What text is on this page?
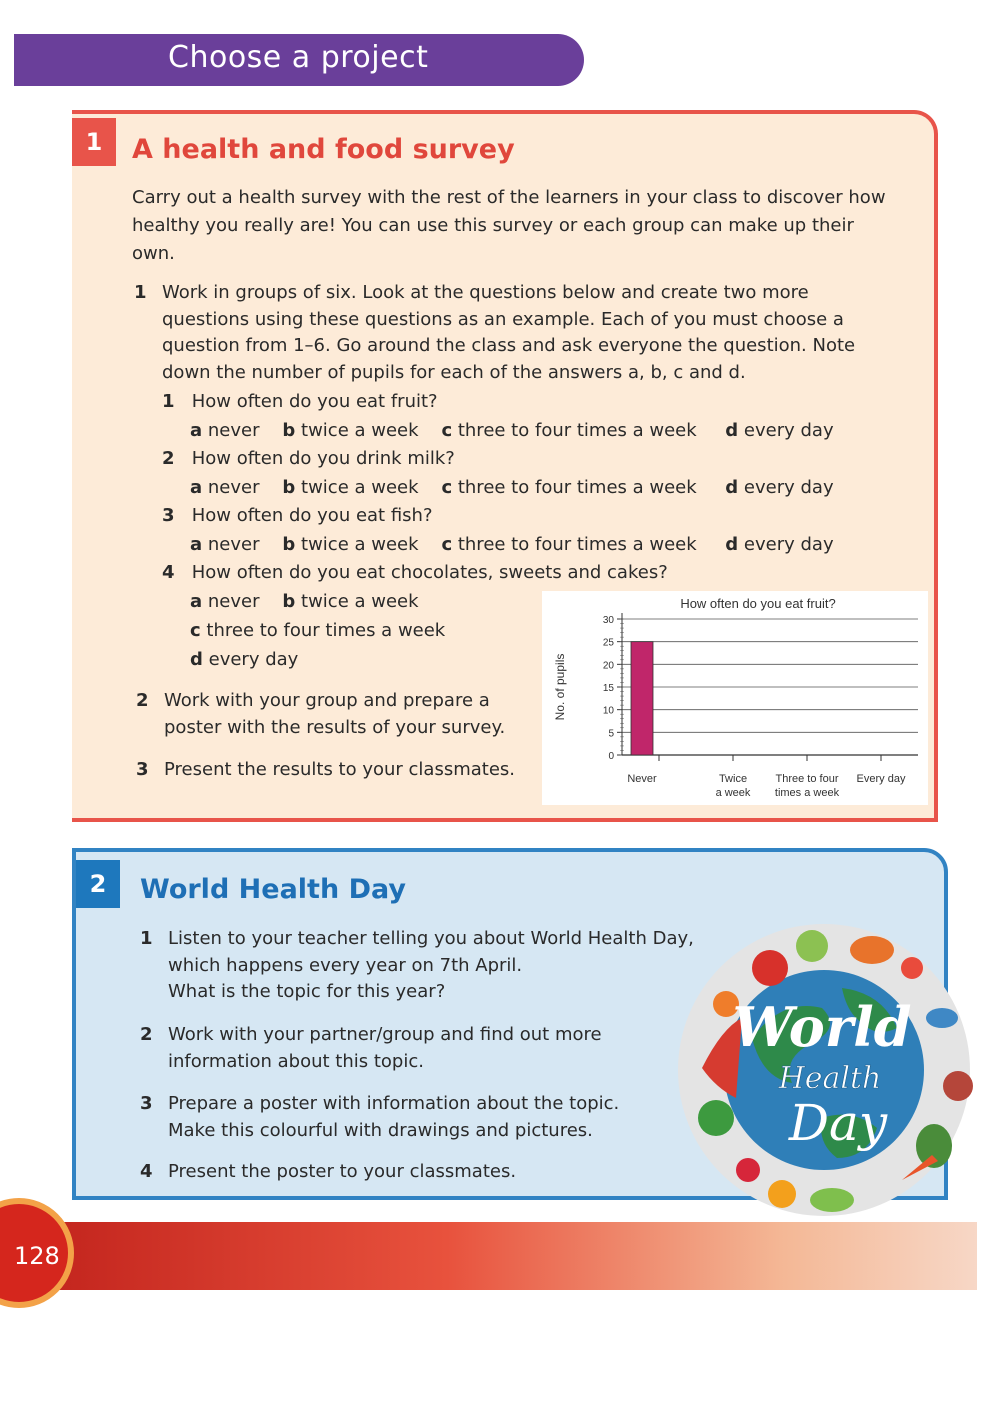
Choose a project
1	A health and food survey
Carry out a health survey with the rest of the learners in your class to discover how healthy you really are! You can use this survey or each group can make up their own.
1 Work in groups of six. Look at the questions below and create two more questions using these questions as an example. Each of you must choose a question from 1–6. Go around the class and ask everyone the question. Note down the number of pupils for each of the answers a, b, c and d.
1 How often do you eat fruit?
a never b twice a week c three to four times a week d every day
2 How often do you drink milk?
a never b twice a week c three to four times a week d every day
3 How often do you eat fish?
a never b twice a week c three to four times a week d every day
4 How often do you eat chocolates, sweets and cakes?
a never b twice a week
c three to four times a week
d every day
2 Work with your group and prepare a poster with the results of your survey.
3 Present the results to your classmates.
How often do you eat fruit?
0
5
10
15
20
25
30
No. of pupils
Never	Twice
a week
Three to four
times a week
Every day
2	World Health Day
1 Listen to your teacher telling you about World Health Day,
which happens every year on 7th April.
What is the topic for this year?
2 Work with your partner/group and find out more
information about this topic.
3 Prepare a poster with information about the topic.
Make this colourful with drawings and pictures.
4 Present the poster to your classmates.
World
Health
Day
128
